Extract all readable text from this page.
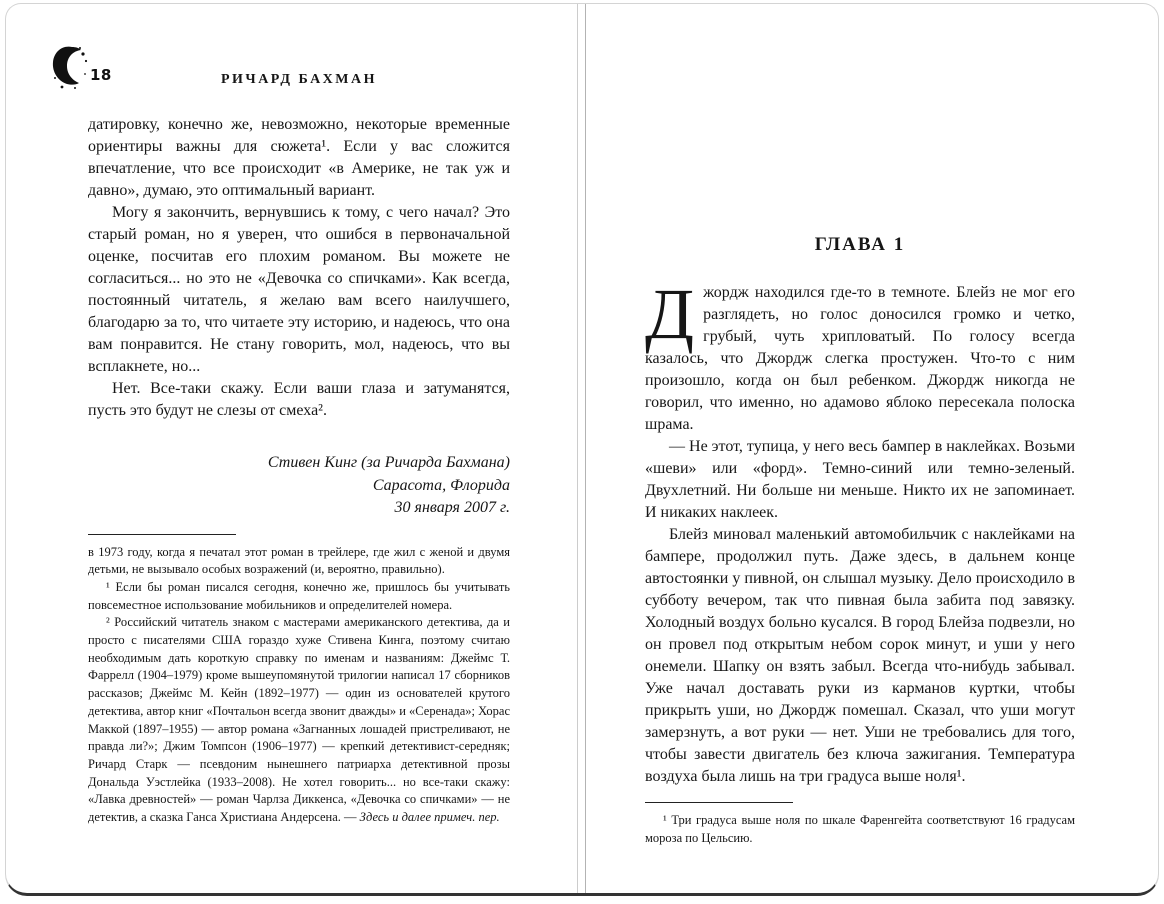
18	РИЧАРД БАХМАН

датировку, конечно же, невозможно, некоторые временные ориентиры важны для сюжета¹. Если у вас сложится впечатление, что все происходит «в Америке, не так уж и давно», думаю, это оптимальный вариант.

Могу я закончить, вернувшись к тому, с чего начал? Это старый роман, но я уверен, что ошибся в первоначальной оценке, посчитав его плохим романом. Вы можете не согласиться... но это не «Девочка со спичками». Как всегда, постоянный читатель, я желаю вам всего наилучшего, благодарю за то, что читаете эту историю, и надеюсь, что она вам понравится. Не стану говорить, мол, надеюсь, что вы всплакнете, но...

Нет. Все-таки скажу. Если ваши глаза и затуманятся, пусть это будут не слезы от смеха².

Стивен Кинг (за Ричарда Бахмана)
Сарасота, Флорида
30 января 2007 г.

в 1973 году, когда я печатал этот роман в трейлере, где жил с женой и двумя детьми, не вызывало особых возражений (и, вероятно, правильно).

¹ Если бы роман писался сегодня, конечно же, пришлось бы учитывать повсеместное использование мобильников и определителей номера.

² Российский читатель знаком с мастерами американского детектива, да и просто с писателями США гораздо хуже Стивена Кинга, поэтому считаю необходимым дать короткую справку по именам и названиям: Джеймс Т. Фаррелл (1904–1979) кроме вышеупомянутой трилогии написал 17 сборников рассказов; Джеймс М. Кейн (1892–1977) — один из основателей крутого детектива, автор книг «Почтальон всегда звонит дважды» и «Серенада»; Хорас Маккой (1897–1955) — автор романа «Загнанных лошадей пристреливают, не правда ли?»; Джим Томпсон (1906–1977) — крепкий детективист-середняк; Ричард Старк — псевдоним нынешнего патриарха детективной прозы Дональда Уэстлейка (1933–2008). Не хотел говорить... но все-таки скажу: «Лавка древностей» — роман Чарлза Диккенса, «Девочка со спичками» — не детектив, а сказка Ганса Христиана Андерсена. — Здесь и далее примеч. пер.

ГЛАВА 1

Джордж находился где-то в темноте. Блейз не мог его разглядеть, но голос доносился громко и четко, грубый, чуть хрипловатый. По голосу всегда казалось, что Джордж слегка простужен. Что-то с ним произошло, когда он был ребенком. Джордж никогда не говорил, что именно, но адамово яблоко пересекала полоска шрама.

— Не этот, тупица, у него весь бампер в наклейках. Возьми «шеви» или «форд». Темно-синий или темно-зеленый. Двухлетний. Ни больше ни меньше. Никто их не запоминает. И никаких наклеек.

Блейз миновал маленький автомобильчик с наклейками на бампере, продолжил путь. Даже здесь, в дальнем конце автостоянки у пивной, он слышал музыку. Дело происходило в субботу вечером, так что пивная была забита под завязку. Холодный воздух больно кусался. В город Блейза подвезли, но он провел под открытым небом сорок минут, и уши у него онемели. Шапку он взять забыл. Всегда что-нибудь забывал. Уже начал доставать руки из карманов куртки, чтобы прикрыть уши, но Джордж помешал. Сказал, что уши могут замерзнуть, а вот руки — нет. Уши не требовались для того, чтобы завести двигатель без ключа зажигания. Температура воздуха была лишь на три градуса выше ноля¹.

¹ Три градуса выше ноля по шкале Фаренгейта соответствуют 16 градусам мороза по Цельсию.
